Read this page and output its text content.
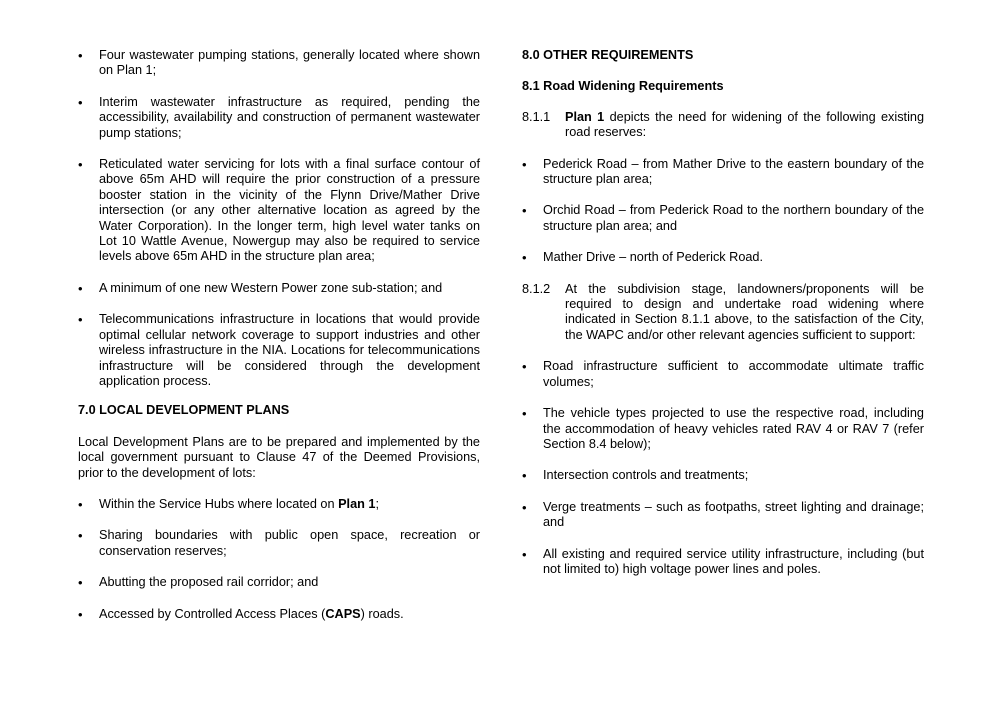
• Four wastewater pumping stations, generally located where shown on Plan 1;
• Interim wastewater infrastructure as required, pending the accessibility, availability and construction of permanent wastewater pump stations;
• Reticulated water servicing for lots with a final surface contour of above 65m AHD will require the prior construction of a pressure booster station in the vicinity of the Flynn Drive/Mather Drive intersection (or any other alternative location as agreed by the Water Corporation). In the longer term, high level water tanks on Lot 10 Wattle Avenue, Nowergup may also be required to service levels above 65m AHD in the structure plan area;
• A minimum of one new Western Power zone sub-station; and
• Telecommunications infrastructure in locations that would provide optimal cellular network coverage to support industries and other wireless infrastructure in the NIA. Locations for telecommunications infrastructure will be considered through the development application process.
7.0 LOCAL DEVELOPMENT PLANS

Local Development Plans are to be prepared and implemented by the local government pursuant to Clause 47 of the Deemed Provisions, prior to the development of lots:

• Within the Service Hubs where located on Plan 1;
• Sharing boundaries with public open space, recreation or conservation reserves;
• Abutting the proposed rail corridor; and
• Accessed by Controlled Access Places (CAPS) roads.
8.0 OTHER REQUIREMENTS
8.1 Road Widening Requirements
8.1.1 Plan 1 depicts the need for widening of the following existing road reserves:
• Pederick Road – from Mather Drive to the eastern boundary of the structure plan area;
• Orchid Road – from Pederick Road to the northern boundary of the structure plan area; and
• Mather Drive – north of Pederick Road.
8.1.2 At the subdivision stage, landowners/proponents will be required to design and undertake road widening where indicated in Section 8.1.1 above, to the satisfaction of the City, the WAPC and/or other relevant agencies sufficient to support:
• Road infrastructure sufficient to accommodate ultimate traffic volumes;
• The vehicle types projected to use the respective road, including the accommodation of heavy vehicles rated RAV 4 or RAV 7 (refer Section 8.4 below);
• Intersection controls and treatments;
• Verge treatments – such as footpaths, street lighting and drainage; and
• All existing and required service utility infrastructure, including (but not limited to) high voltage power lines and poles.
